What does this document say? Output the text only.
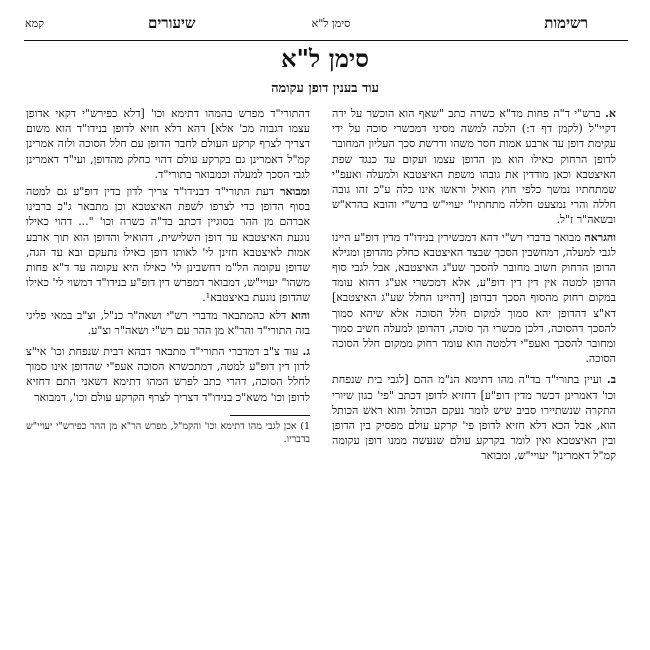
רשימות
סימן ל"א
שיעורים
קמא
סימן ל"א
עוד בענין דופן עקומה

א. ברש"י ד"ה פחות מד"א כשרה כתב "שאף הוא הוכשר על ידה דקיי"ל (לקמן דף ד:) הלכה למשה מסיני דמכשרי סוכה על ידי עקימת דופן עד ארבע אמות חסר משהו ודרשת סכך העליון המחובר לדופן הרחוק כאילו הוא מן הדופן עצמו ועקום עד כנגד שפת האיצטבא וכאן מודדין את גובהו משפת האיצטבא ולמעלה ואעפ"י שמתחתיו נמשך כלפי חוץ הואיל וראשו אינו כלה ע"כ זהו גובה חללה והרי נמצעט חללה מתחתיו" יעויי"ש ברש"י והובא בהרא"ש ובשאה"ר ז"ל.

והגראה מבואר בדברי רש"י דהא דמכשירין בנידו"ד מדין דופ"ע היינו לגבי למעלה, דמחשבין הסכך שבצד האיצטבא כחלק מהדופן ומגילא הדופן הרחוק חשוב מחובר להסכך שע"ג האיצטבא, אבל לגבי סוף הדופן למטה אין דין דין דופ"ע, אלא דמכשרי אע"ג דהוא עומד במקום רחוק מהסוף הסכך דבדופן [דהיינו החלל שע"ג האיצטבא] דא"צ דהדופן יהא סמוך למקום חלל הסוכה אלא שיהא סמוך להסכך דהסוכה, דלכן מכשרי הך סוכה, דהדופן למעלה חשיב סמוך ומחובר להסכך ואעפ"י דלמטה הוא עומד רחוק ממקום חלל הסוכה הסוכה.

ב. ועיין בתורי"ד בד"ה מהו דתימא הנ"מ ההם [לגבי בית שנפחת וכו' דאמרינן דכשר מדין דופ"ע] דחזיא לדופן דכתב "פי' כגון שיורי התקרה שנשתיירו סביב שיש לומר נעקם הכותל והוא ראש הכותל הוא, אבל הכא דלא חזיא לדופן פי' קרקע עולם מפסיק בין הדופן ובין האיצטבא ואין לומר בקרקע עולם שנעשה ממנו דופן עקומה קמ"ל דאמרינן" יעויי"ש, ומבואר

דהתורי"ד מפרש בהמהו דתימא וכו' [דלא כפירש"י דקאי אדופן עצמו דגבוה מכ' אלא] דהא דלא חזיא לדופן בנידו"ד הוא משום דצריך לצרף קרקע העולם לחבר הדופן עם חלל הסוכה ולזה אמרינן קמ"ל דאמרינן גם בקרקע עולם דהוי כחלק מהדופן, ועי"ד דאמרינן לגבי הסכך למעלה וכמבואר בתורי"ד.

ומבואר דעת התורי"ד דבנידו"ד צריך לדון בדין דופ"ע גם למטה בסוף הדופן כדי לצרפו לשפת האיצטבא וכן מתבאר ג"כ ברבינו אברהם מן ההר בסוגיין דכתב בד"ה כשרה וכו' "... דהוי כאילו נוגעת האיצטבא עד דופן השלישית, דהואיל והדופן הוא תוך ארבע אמות לאיצטבא חזינן לי' לאותו דופן כאילו נתעקם ובא עד הגה, שדופן עקומה הל"מ דחשבינן לי' כאילו היא עקומה עד ד"א פחות משהו" יעויי"ש, דמבואר דמפרש דין דופ"ע בנידו"ד דמשוי לי' כאילו שהדופן נוגעת באיצטבא¹.

והוא דלא כהמתבאר מדברי רש"י ושאה"ר כנ"ל, וצ"ב במאי פליגי בזה התורי"ד והר"א מן ההר עם רש"י ושאה"ר וצ"ע.

ג. עוד צ"ב דמדברי התורי"ד מתבאר דבהא דבית שנפחת וכו' אי"צ לדון דין דופ"ע למטה, דמתכשרא הסוכה אעפ"י שהדופן אינו סמוך לחלל הסוכה, דהרי כתב לפרש המהו דתימא דשאני התם דחזיא לדופן וכו' משא"כ בנידו"ד דצריך לצרף הקרקע עולם וכו', דמבואר

1) אכן לגבי מהו דתימא וכו' והקמ"ל, מפרש הר"א מן ההר כפירש"י יעויי"ש בדבריו.
